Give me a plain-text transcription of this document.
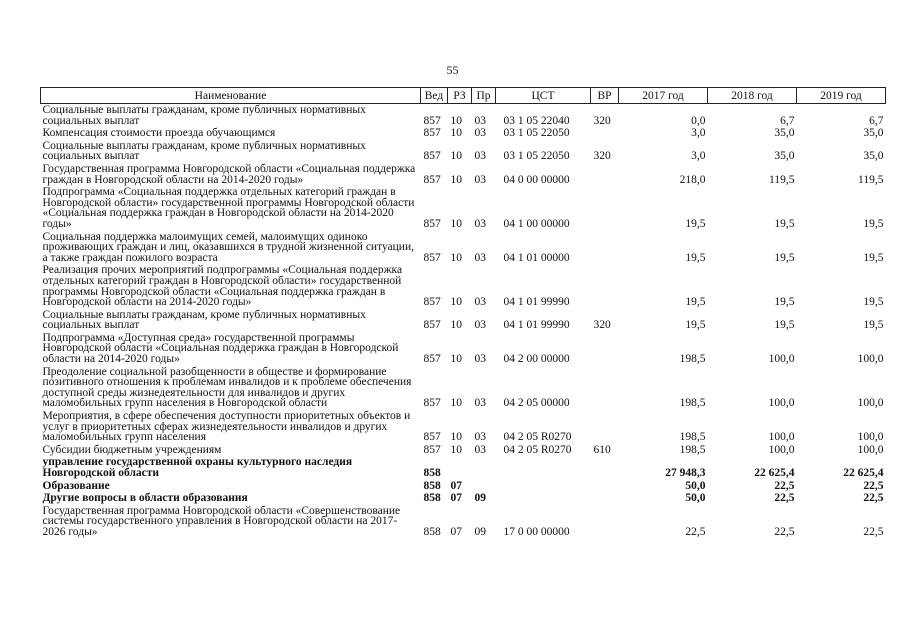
55
Наименование	Вед	РЗ	Пр	ЦСТ	ВР	2017 год	2018 год	2019 год
Социальные выплаты гражданам, кроме публичных нормативных социальных выплат	857	10	03	03 1 05 22040	320	0,0	6,7	6,7
Компенсация стоимости проезда обучающимся	857	10	03	03 1 05 22050		3,0	35,0	35,0
Социальные выплаты гражданам, кроме публичных нормативных социальных выплат	857	10	03	03 1 05 22050	320	3,0	35,0	35,0
Государственная программа Новгородской области «Социальная поддержка граждан в Новгородской области на 2014-2020 годы»	857	10	03	04 0 00 00000		218,0	119,5	119,5
Подпрограмма «Социальная поддержка отдельных категорий граждан в Новгородской области» государственной программы Новгородской области «Социальная поддержка граждан в Новгородской области на 2014-2020 годы»	857	10	03	04 1 00 00000		19,5	19,5	19,5
Социальная поддержка малоимущих семей, малоимущих одиноко проживающих граждан и лиц, оказавшихся в трудной жизненной ситуации, а также граждан пожилого возраста	857	10	03	04 1 01 00000		19,5	19,5	19,5
Реализация прочих мероприятий подпрограммы «Социальная поддержка отдельных категорий граждан в Новгородской области» государственной программы Новгородской области «Социальная поддержка граждан в Новгородской области на 2014-2020 годы»	857	10	03	04 1 01 99990		19,5	19,5	19,5
Социальные выплаты гражданам, кроме публичных нормативных социальных выплат	857	10	03	04 1 01 99990	320	19,5	19,5	19,5
Подпрограмма «Доступная среда» государственной программы Новгородской области «Социальная поддержка граждан в Новгородской области на 2014-2020 годы»	857	10	03	04 2 00 00000		198,5	100,0	100,0
Преодоление социальной разобщенности в обществе и формирование позитивного отношения к проблемам инвалидов и к проблеме обеспечения доступной среды жизнедеятельности для инвалидов и других маломобильных групп населения в Новгородской области	857	10	03	04 2 05 00000		198,5	100,0	100,0
Мероприятия, в сфере обеспечения доступности приоритетных объектов и услуг в приоритетных сферах жизнедеятельности инвалидов и других маломобильных групп населения	857	10	03	04 2 05 R0270		198,5	100,0	100,0
Субсидии бюджетным учреждениям	857	10	03	04 2 05 R0270	610	198,5	100,0	100,0
управление государственной охраны культурного наследия Новгородской области	858					27 948,3	22 625,4	22 625,4
Образование	858	07				50,0	22,5	22,5
Другие вопросы в области образования	858	07	09			50,0	22,5	22,5
Государственная программа Новгородской области «Совершенствование системы государственного управления в Новгородской области на 2017-2026 годы»	858	07	09	17 0 00 00000		22,5	22,5	22,5
